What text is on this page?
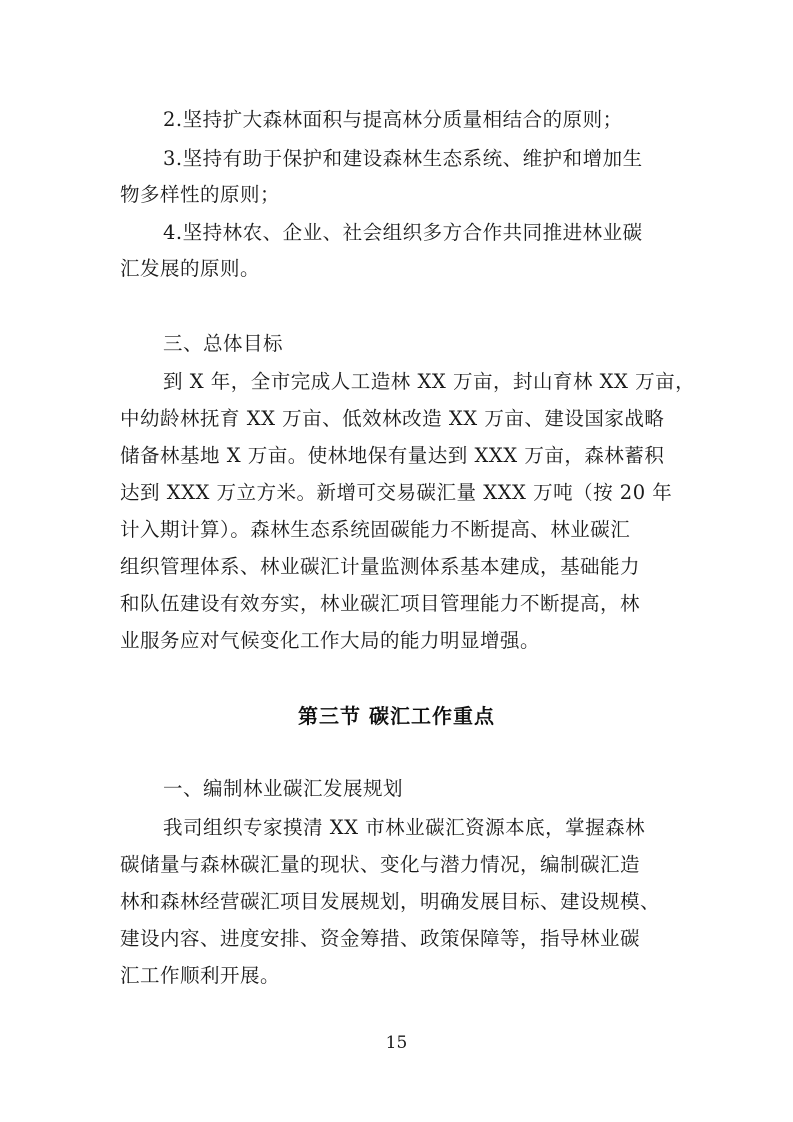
2.坚持扩大森林面积与提高林分质量相结合的原则；
3.坚持有助于保护和建设森林生态系统、维护和增加生
物多样性的原则；
4.坚持林农、企业、社会组织多方合作共同推进林业碳
汇发展的原则。
三、总体目标
到 X 年，全市完成人工造林 XX 万亩，封山育林 XX 万亩，
中幼龄林抚育 XX 万亩、低效林改造 XX 万亩、建设国家战略
储备林基地 X 万亩。使林地保有量达到 XXX 万亩，森林蓄积
达到 XXX 万立方米。新增可交易碳汇量 XXX 万吨（按 20 年
计入期计算）。森林生态系统固碳能力不断提高、林业碳汇
组织管理体系、林业碳汇计量监测体系基本建成，基础能力
和队伍建设有效夯实，林业碳汇项目管理能力不断提高，林
业服务应对气候变化工作大局的能力明显增强。
第三节 碳汇工作重点
一、编制林业碳汇发展规划
我司组织专家摸清 XX 市林业碳汇资源本底，掌握森林
碳储量与森林碳汇量的现状、变化与潜力情况，编制碳汇造
林和森林经营碳汇项目发展规划，明确发展目标、建设规模、
建设内容、进度安排、资金筹措、政策保障等，指导林业碳
汇工作顺利开展。
15
